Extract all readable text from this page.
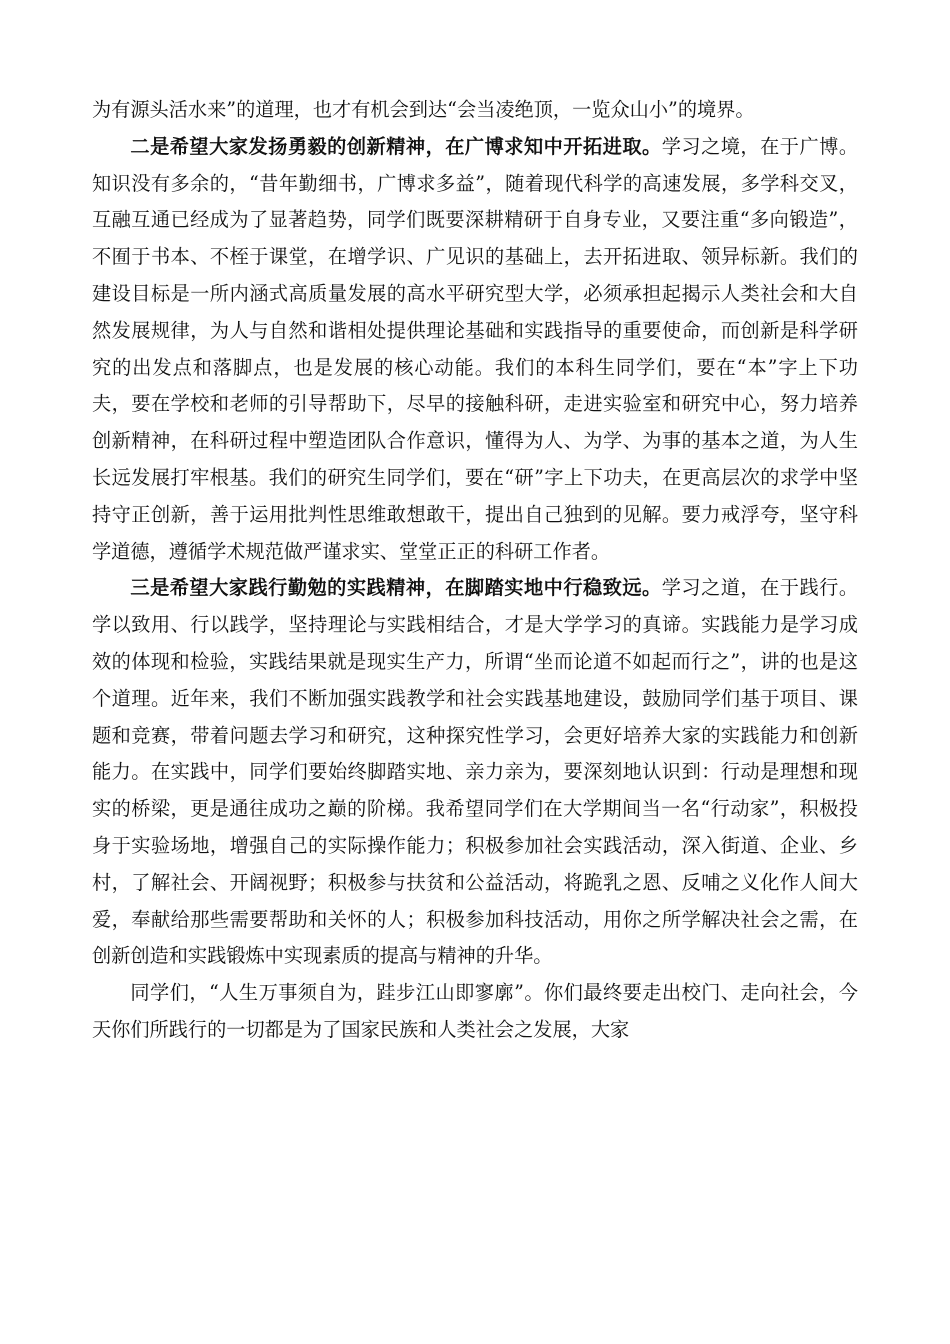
为有源头活水来”的道理，也才有机会到达“会当凌绝顶，一览众山小”的境界。

二是希望大家发扬勇毅的创新精神，在广博求知中开拓进取。学习之境，在于广博。知识没有多余的，“昔年勤细书，广博求多益”，随着现代科学的高速发展，多学科交叉，互融互通已经成为了显著趋势，同学们既要深耕精研于自身专业，又要注重“多向锻造”，不囿于书本、不桎于课堂，在增学识、广见识的基础上，去开拓进取、领异标新。我们的建设目标是一所内涵式高质量发展的高水平研究型大学，必须承担起揭示人类社会和大自然发展规律，为人与自然和谐相处提供理论基础和实践指导的重要使命，而创新是科学研究的出发点和落脚点，也是发展的核心动能。我们的本科生同学们，要在“本”字上下功夫，要在学校和老师的引导帮助下，尽早的接触科研，走进实验室和研究中心，努力培养创新精神，在科研过程中塑造团队合作意识，懂得为人、为学、为事的基本之道，为人生长远发展打牢根基。我们的研究生同学们，要在“研”字上下功夫，在更高层次的求学中坚持守正创新，善于运用批判性思维敢想敢干，提出自己独到的见解。要力戒浮夸，坚守科学道德，遵循学术规范做严谨求实、堂堂正正的科研工作者。

三是希望大家践行勤勉的实践精神，在脚踏实地中行稳致远。学习之道，在于践行。学以致用、行以践学，坚持理论与实践相结合，才是大学学习的真谛。实践能力是学习成效的体现和检验，实践结果就是现实生产力，所谓“坐而论道不如起而行之”，讲的也是这个道理。近年来，我们不断加强实践教学和社会实践基地建设，鼓励同学们基于项目、课题和竞赛，带着问题去学习和研究，这种探究性学习，会更好培养大家的实践能力和创新能力。在实践中，同学们要始终脚踏实地、亲力亲为，要深刻地认识到：行动是理想和现实的桥梁，更是通往成功之巅的阶梯。我希望同学们在大学期间当一名“行动家”，积极投身于实验场地，增强自己的实际操作能力；积极参加社会实践活动，深入街道、企业、乡村，了解社会、开阔视野；积极参与扶贫和公益活动，将跪乳之恩、反哺之义化作人间大爱，奉献给那些需要帮助和关怀的人；积极参加科技活动，用你之所学解决社会之需，在创新创造和实践锻炼中实现素质的提高与精神的升华。

同学们，“人生万事须自为，跬步江山即寥廓”。你们最终要走出校门、走向社会，今天你们所践行的一切都是为了国家民族和人类社会之发展，大家
